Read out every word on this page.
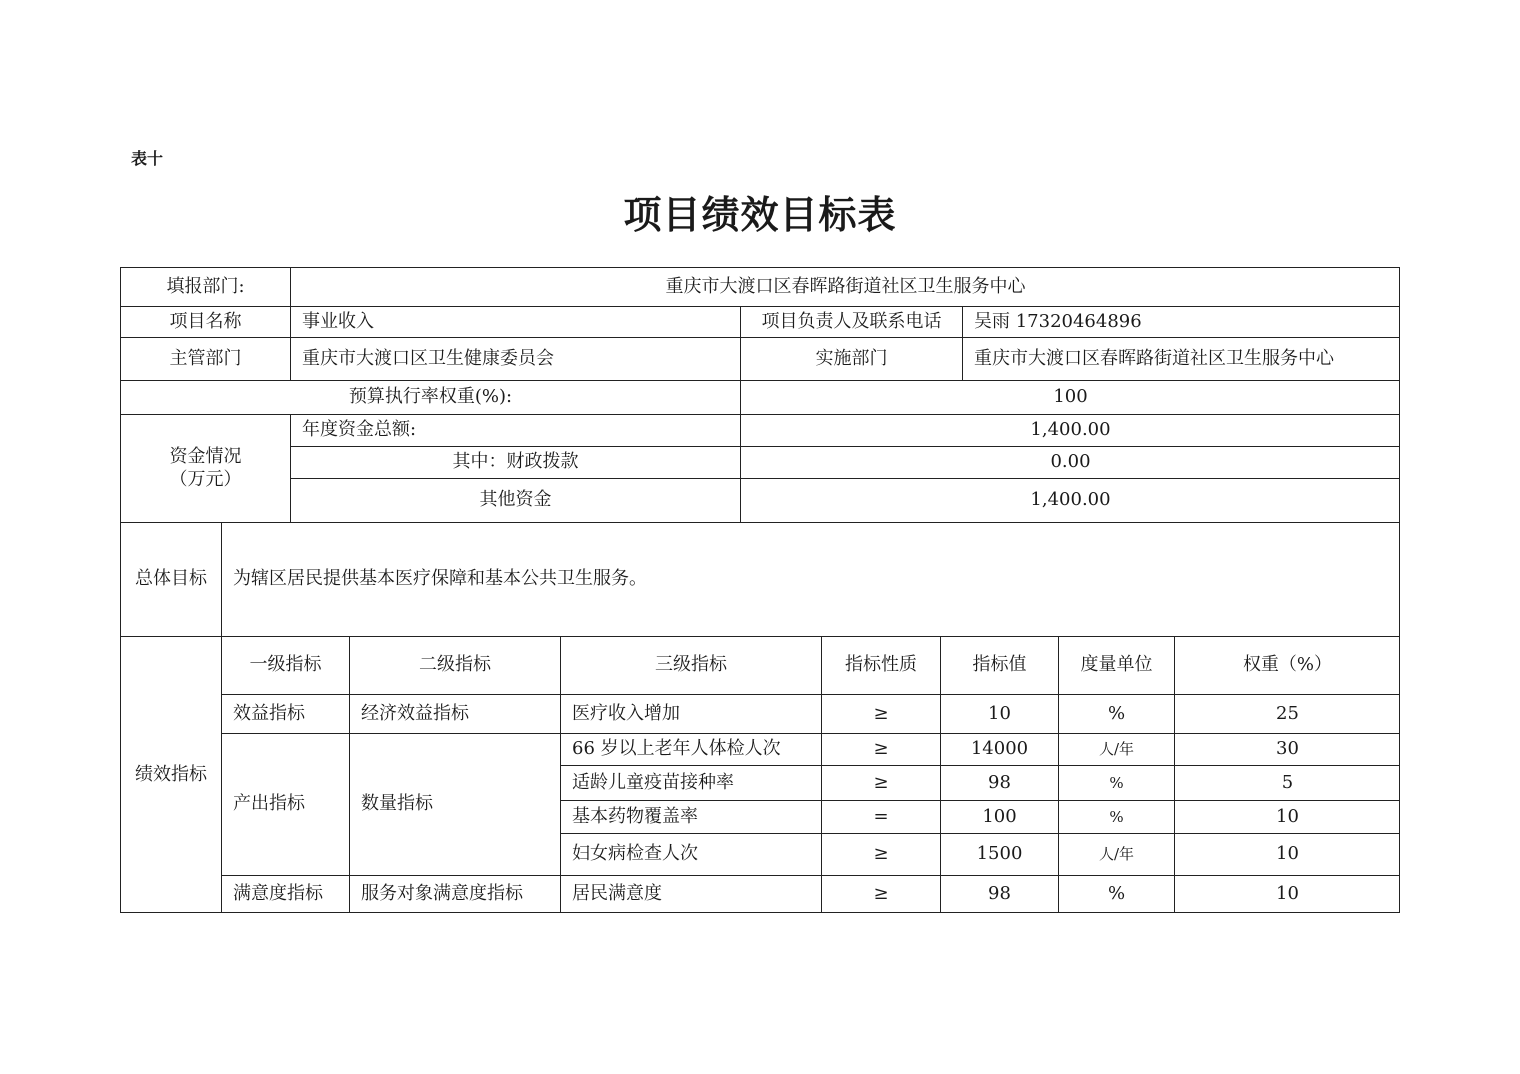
表十
项目绩效目标表
填报部门:	重庆市大渡口区春晖路街道社区卫生服务中心
项目名称	事业收入	项目负责人及联系电话	吴雨 17320464896
主管部门	重庆市大渡口区卫生健康委员会	实施部门	重庆市大渡口区春晖路街道社区卫生服务中心
预算执行率权重(%):	100
资金情况
（万元）
年度资金总额:	1,400.00
其中：财政拨款	0.00
其他资金	1,400.00
总体目标	为辖区居民提供基本医疗保障和基本公共卫生服务。
绩效指标
一级指标	二级指标	三级指标	指标性质	指标值	度量单位	权重（%）
效益指标	经济效益指标	医疗收入增加	≥	10	%	25
产出指标	数量指标
66 岁以上老年人体检人次	≥	14000	人/年	30
适龄儿童疫苗接种率	≥	98	%	5
基本药物覆盖率	=	100	%	10
妇女病检查人次	≥	1500	人/年	10
满意度指标	服务对象满意度指标	居民满意度	≥	98	%	10
